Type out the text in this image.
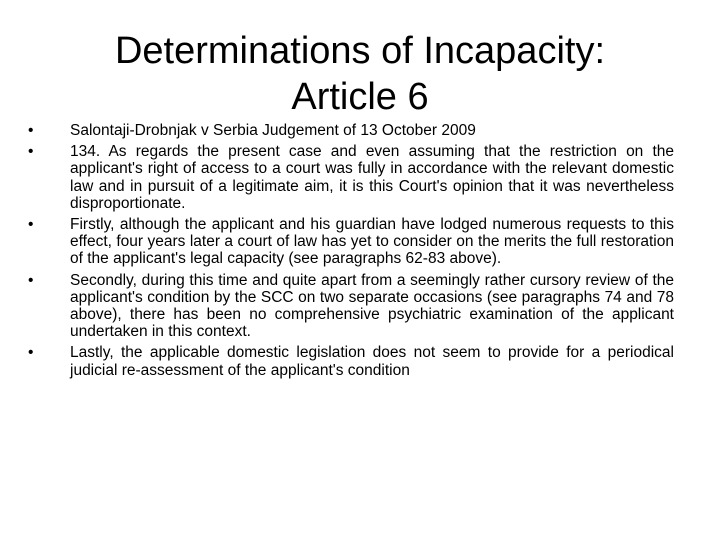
Determinations of Incapacity:
Article 6
•	Salontaji-Drobnjak v Serbia Judgement of 13 October 2009
•	134. As regards the present case and even assuming that the restriction on the applicant's right of access to a court was fully in accordance with the relevant domestic law and in pursuit of a legitimate aim, it is this Court's opinion that it was nevertheless disproportionate.
•	Firstly, although the applicant and his guardian have lodged numerous requests to this effect, four years later a court of law has yet to consider on the merits the full restoration of the applicant's legal capacity (see paragraphs 62-83 above).
•	Secondly, during this time and quite apart from a seemingly rather cursory review of the applicant's condition by the SCC on two separate occasions (see paragraphs 74 and 78 above), there has been no comprehensive psychiatric examination of the applicant undertaken in this context.
•	Lastly, the applicable domestic legislation does not seem to provide for a periodical judicial re-assessment of the applicant's condition
